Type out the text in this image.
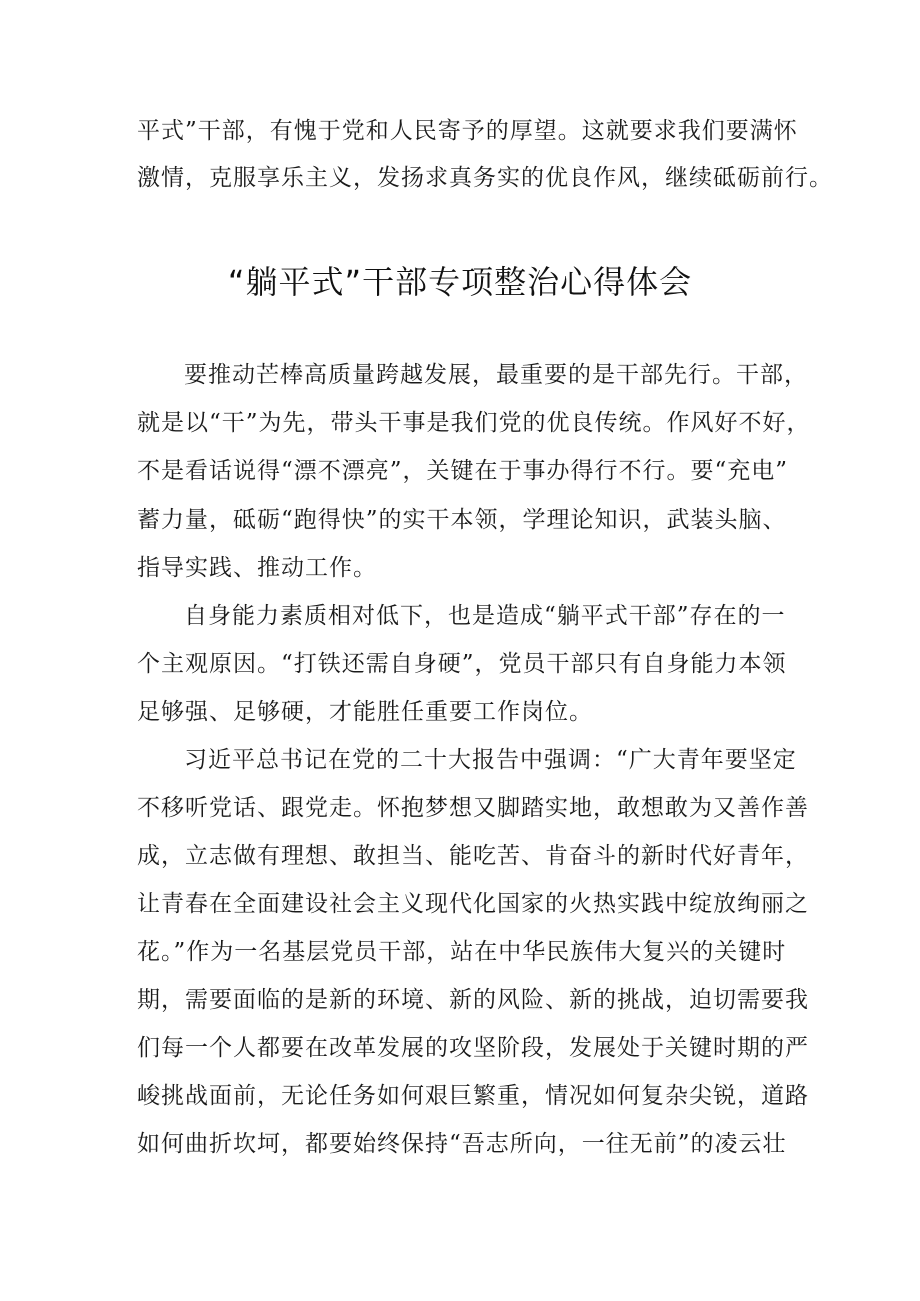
平式”干部，有愧于党和人民寄予的厚望。这就要求我们要满怀
激情，克服享乐主义，发扬求真务实的优良作风，继续砥砺前行。
“躺平式”干部专项整治心得体会
要推动芒棒高质量跨越发展，最重要的是干部先行。干部，
就是以“干”为先，带头干事是我们党的优良传统。作风好不好，
不是看话说得“漂不漂亮”，关键在于事办得行不行。要“充电”
蓄力量，砥砺“跑得快”的实干本领，学理论知识，武装头脑、
指导实践、推动工作。
自身能力素质相对低下，也是造成“躺平式干部”存在的一
个主观原因。“打铁还需自身硬”，党员干部只有自身能力本领
足够强、足够硬，才能胜任重要工作岗位。
习近平总书记在党的二十大报告中强调：“广大青年要坚定
不移听党话、跟党走。怀抱梦想又脚踏实地，敢想敢为又善作善
成，立志做有理想、敢担当、能吃苦、肯奋斗的新时代好青年，
让青春在全面建设社会主义现代化国家的火热实践中绽放绚丽之
花。”作为一名基层党员干部，站在中华民族伟大复兴的关键时
期，需要面临的是新的环境、新的风险、新的挑战，迫切需要我
们每一个人都要在改革发展的攻坚阶段，发展处于关键时期的严
峻挑战面前，无论任务如何艰巨繁重，情况如何复杂尖锐，道路
如何曲折坎坷，都要始终保持“吾志所向，一往无前”的凌云壮
